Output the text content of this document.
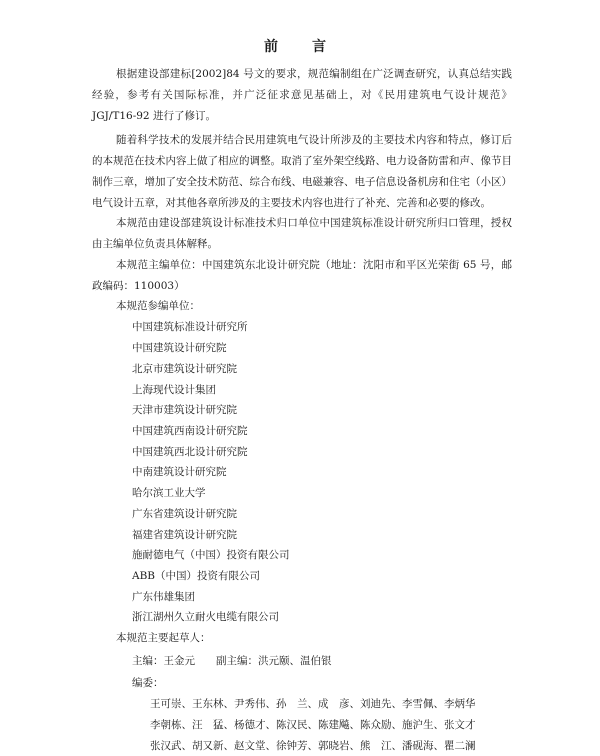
前　言
根据建设部建标[2002]84 号文的要求，规范编制组在广泛调查研究，认真总结实践经验，参考有关国际标准，并广泛征求意见基础上，对《民用建筑电气设计规范》JGJ/T16-92 进行了修订。
随着科学技术的发展并结合民用建筑电气设计所涉及的主要技术内容和特点，修订后的本规范在技术内容上做了相应的调整。取消了室外架空线路、电力设备防雷和声、像节目制作三章，增加了安全技术防范、综合布线、电磁兼容、电子信息设备机房和住宅（小区）电气设计五章，对其他各章所涉及的主要技术内容也进行了补充、完善和必要的修改。
本规范由建设部建筑设计标准技术归口单位中国建筑标准设计研究所归口管理，授权由主编单位负责具体解释。
本规范主编单位：中国建筑东北设计研究院（地址：沈阳市和平区光荣街 65 号，邮政编码：110003）
本规范参编单位：
中国建筑标准设计研究所
中国建筑设计研究院
北京市建筑设计研究院
上海现代设计集团
天津市建筑设计研究院
中国建筑西南设计研究院
中国建筑西北设计研究院
中南建筑设计研究院
哈尔滨工业大学
广东省建筑设计研究院
福建省建筑设计研究院
施耐德电气（中国）投资有限公司
ABB（中国）投资有限公司
广东伟雄集团
浙江湖州久立耐火电缆有限公司
本规范主要起草人：
主编：王金元　　副主编：洪元颐、温伯银
编委：
王可崇、王东林、尹秀伟、孙　兰、成　彦、刘迪先、李雪佩、李炳华
李朝栋、汪　猛、杨德才、陈汉民、陈建飚、陈众励、施沪生、张文才
张汉武、胡又新、赵文堂、徐钟芳、郭晓岩、熊　江、潘砚海、瞿二澜
